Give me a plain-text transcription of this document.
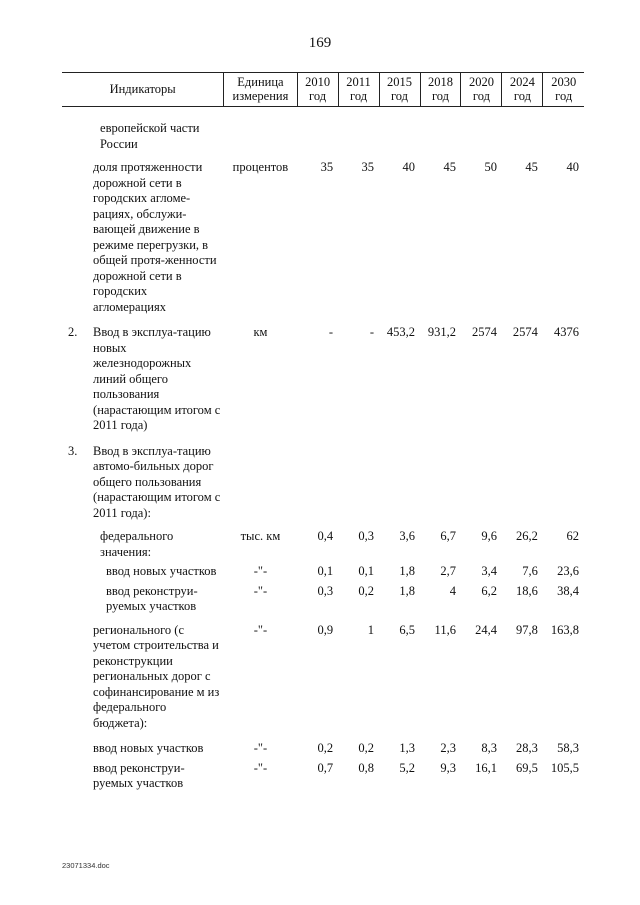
169
Индикаторы		Единица измерения	2010 год	2011 год	2015 год	2018 год	2020 год	2024 год	2030 год
	европейской части России								
	доля протяженности дорожной сети в городских агломе-рациях, обслужи-вающей движение в режиме перегрузки, в общей протя-женности дорожной сети в городских агломерациях	процентов	35	35	40	45	50	45	40
2.	Ввод в эксплуа-тацию новых железнодорожных линий общего пользования (нарастающим итогом с 2011 года)	км	-	-	453,2	931,2	2574	2574	4376
3.	Ввод в эксплуа-тацию автомо-бильных дорог общего пользования (нарастающим итогом с 2011 года):								
	федерального значения:	тыс. км	0,4	0,3	3,6	6,7	9,6	26,2	62
	ввод новых участков	-"-	0,1	0,1	1,8	2,7	3,4	7,6	23,6
	ввод реконструи-руемых участков	-"-	0,3	0,2	1,8	4	6,2	18,6	38,4
	регионального (с учетом строительства и реконструкции региональных дорог с софинансирование м из федерального бюджета):	-"-	0,9	1	6,5	11,6	24,4	97,8	163,8
	ввод новых участков	-"-	0,2	0,2	1,3	2,3	8,3	28,3	58,3
	ввод реконструи-руемых участков	-"-	0,7	0,8	5,2	9,3	16,1	69,5	105,5
23071334.doc
